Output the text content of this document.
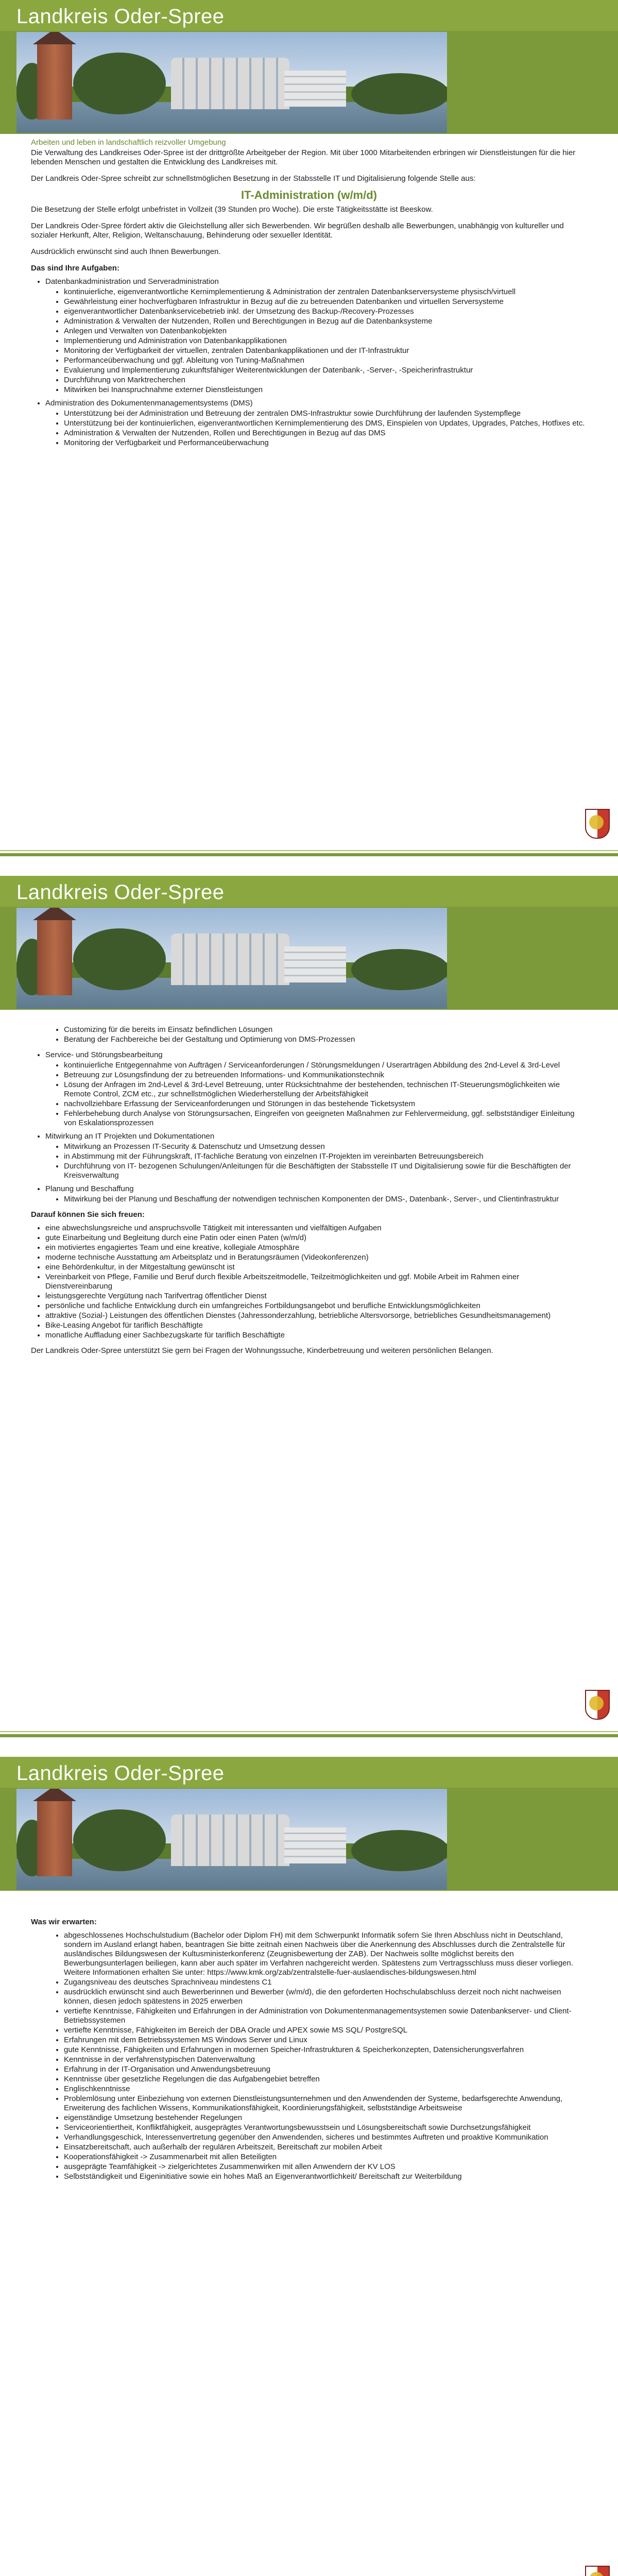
Landkreis Oder-Spree
Arbeiten und leben in landschaftlich reizvoller Umgebung

Die Verwaltung des Landkreises Oder-Spree ist der drittgrößte Arbeitgeber der Region. Mit über 1000 Mitarbeitenden erbringen wir Dienstleistungen für die hier lebenden Menschen und gestalten die Entwicklung des Landkreises mit.

Der Landkreis Oder-Spree schreibt zur schnellstmöglichen Besetzung in der Stabsstelle IT und Digitalisierung folgende Stelle aus:

IT-Administration (w/m/d)

Die Besetzung der Stelle erfolgt unbefristet in Vollzeit (39 Stunden pro Woche). Die erste Tätigkeitsstätte ist Beeskow.

Der Landkreis Oder-Spree fördert aktiv die Gleichstellung aller sich Bewerbenden. Wir begrüßen deshalb alle Bewerbungen, unabhängig von kultureller und sozialer Herkunft, Alter, Religion, Weltanschauung, Behinderung oder sexueller Identität.

Ausdrücklich erwünscht sind auch Ihnen Bewerbungen.

Das sind Ihre Aufgaben:
• Datenbankadministration und Serveradministration
• kontinuierliche, eigenverantwortliche Kernimplementierung & Administration der zentralen Datenbankserversysteme physisch/virtuell
• Gewährleistung einer hochverfügbaren Infrastruktur in Bezug auf die zu betreuenden Datenbanken und virtuellen Serversysteme
• eigenverantwortlicher Datenbankservicebetrieb inkl. der Umsetzung des Backup-/Recovery-Prozesses
• Administration & Verwalten der Nutzenden, Rollen und Berechtigungen in Bezug auf die Datenbanksysteme
• Anlegen und Verwalten von Datenbankobjekten
• Implementierung und Administration von Datenbankapplikationen
• Monitoring der Verfügbarkeit der virtuellen, zentralen Datenbankapplikationen und der IT-Infrastruktur
• Performanceüberwachung und ggf. Ableitung von Tuning-Maßnahmen
• Evaluierung und Implementierung zukunftsfähiger Weiterentwicklungen der Datenbank-, -Server-, -Speicherinfrastruktur
• Durchführung von Marktrecherchen
• Mitwirken bei Inanspruchnahme externer Dienstleistungen
• Administration des Dokumentenmanagementsystems (DMS)
• Unterstützung bei der Administration und Betreuung der zentralen DMS-Infrastruktur sowie Durchführung der laufenden Systempflege
• Unterstützung bei der kontinuierlichen, eigenverantwortlichen Kernimplementierung des DMS, Einspielen von Updates, Upgrades, Patches, Hotfixes etc.
• Administration & Verwalten der Nutzenden, Rollen und Berechtigungen in Bezug auf das DMS
• Monitoring der Verfügbarkeit und Performanceüberwachung
Landkreis Oder-Spree
• Customizing für die bereits im Einsatz befindlichen Lösungen
• Beratung der Fachbereiche bei der Gestaltung und Optimierung von DMS-Prozessen
• Service- und Störungsbearbeitung
• kontinuierliche Entgegennahme von Aufträgen / Serviceanforderungen / Störungsmeldungen / Userarträgen Abbildung des 2nd-Level & 3rd-Level
• Betreuung zur Lösungsfindung der zu betreuenden Informations- und Kommunikationstechnik
• Lösung der Anfragen im 2nd-Level & 3rd-Level Betreuung, unter Rücksichtnahme der bestehenden, technischen IT-Steuerungsmöglichkeiten wie Remote Control, ZCM etc., zur schnellstmöglichen Wiederherstellung der Arbeitsfähigkeit
• nachvollziehbare Erfassung der Serviceanforderungen und Störungen in das bestehende Ticketsystem
• Fehlerbehebung durch Analyse von Störungsursachen, Eingreifen von geeigneten Maßnahmen zur Fehlervermeidung, ggf. selbstständiger Einleitung von Eskalationsprozessen
• Mitwirkung an IT Projekten und Dokumentationen
• Mitwirkung an Prozessen IT-Security & Datenschutz und Umsetzung dessen
• in Abstimmung mit der Führungskraft, IT-fachliche Beratung von einzelnen IT-Projekten im vereinbarten Betreuungsbereich
• Durchführung von IT- bezogenen Schulungen/Anleitungen für die Beschäftigten der Stabsstelle IT und Digitalisierung sowie für die Beschäftigten der Kreisverwaltung
• Planung und Beschaffung
• Mitwirkung bei der Planung und Beschaffung der notwendigen technischen Komponenten der DMS-, Datenbank-, Server-, und Clientinfrastruktur
Darauf können Sie sich freuen:
• eine abwechslungsreiche und anspruchsvolle Tätigkeit mit interessanten und vielfältigen Aufgaben
• gute Einarbeitung und Begleitung durch eine Patin oder einen Paten (w/m/d)
• ein motiviertes engagiertes Team und eine kreative, kollegiale Atmosphäre
• moderne technische Ausstattung am Arbeitsplatz und in Beratungsräumen (Videokonferenzen)
• eine Behördenkultur, in der Mitgestaltung gewünscht ist
• Vereinbarkeit von Pflege, Familie und Beruf durch flexible Arbeitszeitmodelle, Teilzeitmöglichkeiten und ggf. Mobile Arbeit im Rahmen einer Dienstvereinbarung
• leistungsgerechte Vergütung nach Tarifvertrag öffentlicher Dienst
• persönliche und fachliche Entwicklung durch ein umfangreiches Fortbildungsangebot und berufliche Entwicklungsmöglichkeiten
• attraktive (Sozial-) Leistungen des öffentlichen Dienstes (Jahressonderzahlung, betriebliche Altersvorsorge, betriebliches Gesundheitsmanagement)
• Bike-Leasing Angebot für tariflich Beschäftigte
• monatliche Auffladung einer Sachbezugskarte für tariflich Beschäftigte

Der Landkreis Oder-Spree unterstützt Sie gern bei Fragen der Wohnungssuche, Kinderbetreuung und weiteren persönlichen Belangen.

Landkreis Oder-Spree
Was wir erwarten:
• abgeschlossenes Hochschulstudium (Bachelor oder Diplom FH) mit dem Schwerpunkt Informatik sofern Sie Ihren Abschluss nicht in Deutschland, sondern im Ausland erlangt haben, beantragen Sie bitte zeitnah einen Nachweis über die Anerkennung des Abschlusses durch die Zentralstelle für ausländisches Bildungswesen der Kultusministerkonferenz (Zeugnisbewertung der ZAB). Der Nachweis sollte möglichst bereits den Bewerbungsunterlagen beiliegen, kann aber auch später im Verfahren nachgereicht werden. Spätestens zum Vertragsschluss muss dieser vorliegen. Weitere Informationen erhalten Sie unter: https://www.kmk.org/zab/zentralstelle-fuer-auslaendisches-bildungswesen.html
• Zugangsniveau des deutsches Sprachniveau mindestens C1
• ausdrücklich erwünscht sind auch Bewerberinnen und Bewerber (w/m/d), die den geforderten Hochschulabschluss derzeit noch nicht nachweisen können, diesen jedoch spätestens in 2025 erwerben
• vertiefte Kenntnisse, Fähigkeiten und Erfahrungen in der Administration von Dokumentenmanagementsystemen sowie Datenbankserver- und Client-Betriebssystemen
• vertiefte Kenntnisse, Fähigkeiten im Bereich der DBA Oracle und APEX sowie MS SQL/ PostgreSQL
• Erfahrungen mit dem Betriebssystemen MS Windows Server und Linux
• gute Kenntnisse, Fähigkeiten und Erfahrungen in modernen Speicher-Infrastrukturen & Speicherkonzepten, Datensicherungsverfahren
• Kenntnisse in der verfahrenstypischen Datenverwaltung
• Erfahrung in der IT-Organisation und Anwendungsbetreuung
• Kenntnisse über gesetzliche Regelungen die das Aufgabengebiet betreffen
• Englischkenntnisse
• Problemlösung unter Einbeziehung von externen Dienstleistungsunternehmen und den Anwendenden der Systeme, bedarfsgerechte Anwendung, Erweiterung des fachlichen Wissens, Kommunikationsfähigkeit, Koordinierungsfähigkeit, selbstständige Arbeitsweise
• eigenständige Umsetzung bestehender Regelungen
• Serviceorientiertheit, Konfliktfähigkeit, ausgeprägtes Verantwortungsbewusstsein und Lösungsbereitschaft sowie Durchsetzungsfähigkeit
• Verhandlungsgeschick, Interessenvertretung gegenüber den Anwendenden, sicheres und bestimmtes Auftreten und proaktive Kommunikation
• Einsatzbereitschaft, auch außerhalb der regulären Arbeitszeit, Bereitschaft zur mobilen Arbeit
• Kooperationsfähigkeit -> Zusammenarbeit mit allen Beteiligten
• ausgeprägte Teamfähigkeit -> zielgerichtetes Zusammenwirken mit allen Anwendern der KV LOS
• Selbstständigkeit und Eigeninitiative sowie ein hohes Maß an Eigenverantwortlichkeit/ Bereitschaft zur Weiterbildung
